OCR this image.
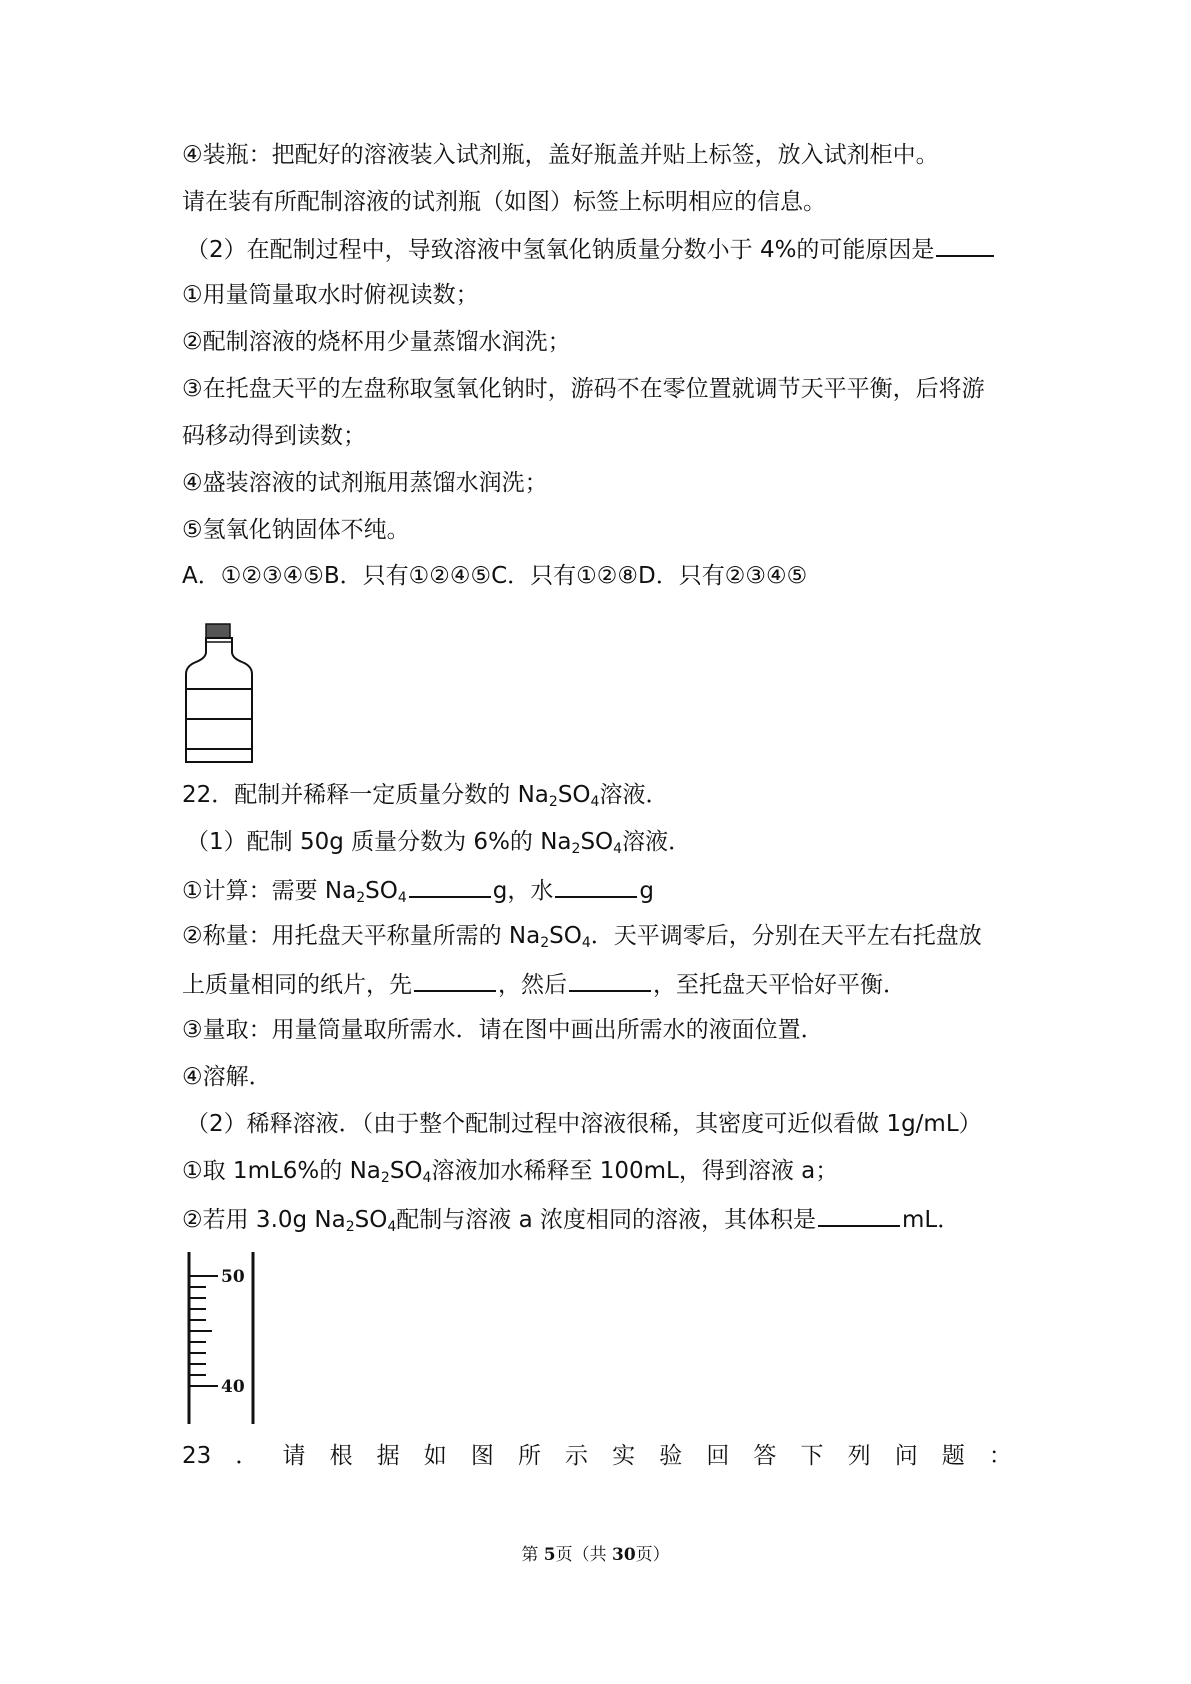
④装瓶：把配好的溶液装入试剂瓶，盖好瓶盖并贴上标签，放入试剂柜中。
请在装有所配制溶液的试剂瓶（如图）标签上标明相应的信息。
（2）在配制过程中，导致溶液中氢氧化钠质量分数小于 4%的可能原因是
①用量筒量取水时俯视读数；
②配制溶液的烧杯用少量蒸馏水润洗；
③在托盘天平的左盘称取氢氧化钠时，游码不在零位置就调节天平平衡，后将游
码移动得到读数；
④盛装溶液的试剂瓶用蒸馏水润洗；
⑤氢氧化钠固体不纯。
A．①②③④⑤B．只有①②④⑤C．只有①②⑧D．只有②③④⑤
22．配制并稀释一定质量分数的 $Na_2SO_4$溶液．
（1）配制 50g 质量分数为 6%的 $Na_2SO_4$溶液．
①计算：需要 $Na_2SO_4$	g，水	g
②称量：用托盘天平称量所需的 $Na_2SO_4$．天平调零后，分别在天平左右托盘放
上质量相同的纸片，先	，然后	，至托盘天平恰好平衡．
③量取：用量筒量取所需水．请在图中画出所需水的液面位置．
④溶解．
（2）稀释溶液．（由于整个配制过程中溶液很稀，其密度可近似看做 1g/mL）
①取 1mL6%的 $Na_2SO_4$溶液加水稀释至 100mL，得到溶液 a；
②若用 3.0g $Na_2SO_4$配制与溶液 a 浓度相同的溶液，其体积是	mL．
50
40
23 ． 请 根 据 如 图 所 示 实 验 回 答 下 列 问 题 ：
第 5页（共 30页）
